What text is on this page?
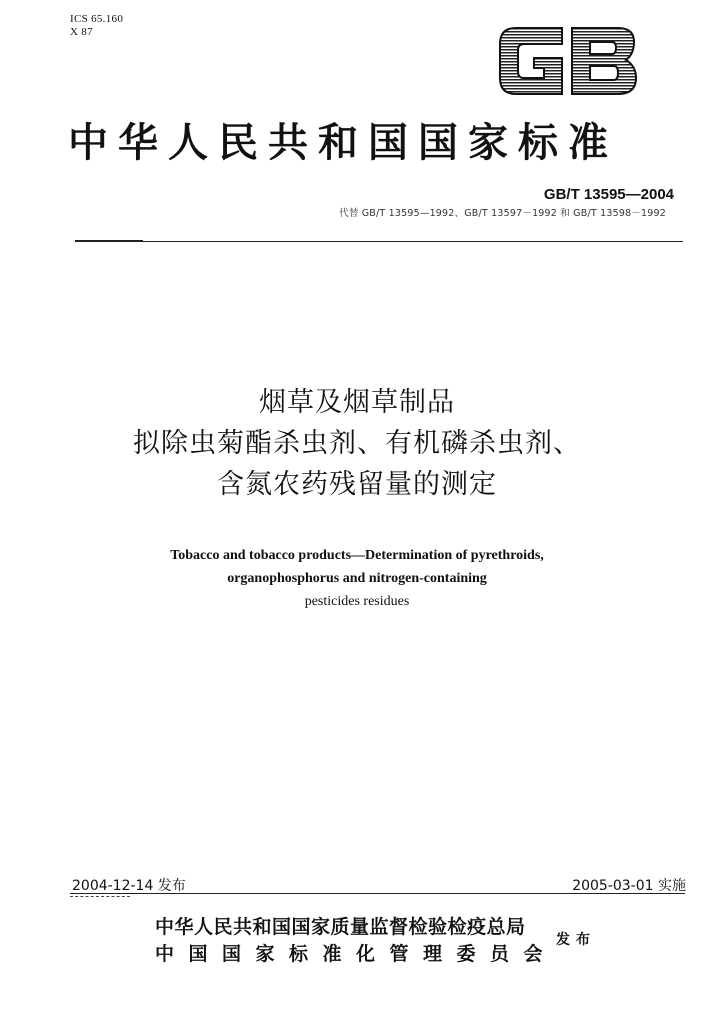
ICS 65.160
X 87
中华人民共和国国家标准
GB/T 13595—2004
代替 GB/T 13595—1992、GB/T 13597－1992 和 GB/T 13598－1992
烟草及烟草制品
拟除虫菊酯杀虫剂、有机磷杀虫剂、
含氮农药残留量的测定
Tobacco and tobacco products—Determination of pyrethroids,
organophosphorus and nitrogen-containing
pesticides residues
2004-12-14 发布	2005-03-01 实施
中华人民共和国国家质量监督检验检疫总局
中国国家标准化管理委员会
发布
